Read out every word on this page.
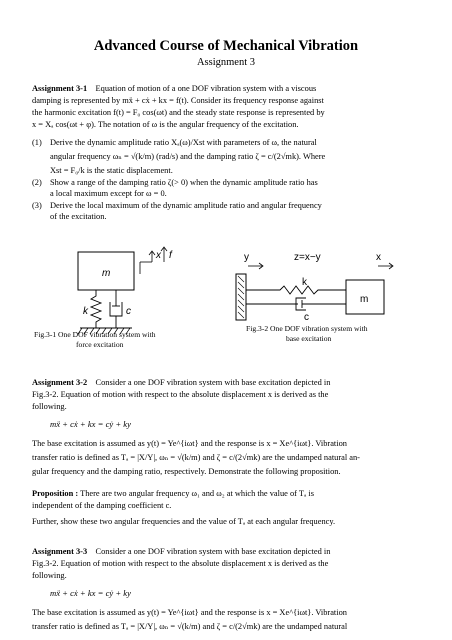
Advanced Course of Mechanical Vibration
Assignment 3
Assignment 3-1 Equation of motion of a one DOF vibration system with a viscous
damping is represented by mẍ + cẋ + kx = f(t). Consider its frequency response against
the harmonic excitation f(t) = F₀ cos(ωt) and the steady state response is represented by
x = Xₐ cos(ωt + φ). The notation of ω is the angular frequency of the excitation.
(1) Derive the dynamic amplitude ratio Xₐ(ω)/Xst with parameters of ω, the natural
angular frequency ωₙ = √(k/m) (rad/s) and the damping ratio ζ = c/(2√mk). Where
Xst = F₀/k is the static displacement.
(2) Show a range of the damping ratio ζ(> 0) when the dynamic amplitude ratio has
a local maximum except for ω = 0.
(3) Derive the local maximum of the dynamic amplitude ratio and angular frequency
of the excitation.
m
x f
k	c
Fig.3-1 One DOF vibration system with
force excitation
y	z=x−y	x
k
c
m
Fig.3-2 One DOF vibration system with
base excitation
Assignment 3-2 Consider a one DOF vibration system with base excitation depicted in
Fig.3-2. Equation of motion with respect to the absolute displacement x is derived as the
following.
mẍ + cẋ + kx = cẏ + ky
The base excitation is assumed as y(t) = Ye^{iωt} and the response is x = Xe^{iωt}. Vibration
transfer ratio is defined as Tₐ = |X/Y|, ωₙ = √(k/m) and ζ = c/(2√mk) are the undamped natural an-
gular frequency and the damping ratio, respectively. Demonstrate the following proposition.
Proposition : There are two angular frequency ω₁ and ω₂ at which the value of Tₐ is
independent of the damping coefficient c.
Further, show these two angular frequencies and the value of Tₐ at each angular frequency.
Assignment 3-3 Consider a one DOF vibration system with base excitation depicted in
Fig.3-2. Equation of motion with respect to the absolute displacement x is derived as the
following.
mẍ + cẋ + kx = cẏ + ky
The base excitation is assumed as y(t) = Ye^{iωt} and the response is x = Xe^{iωt}. Vibration
transfer ratio is defined as Tₐ = |X/Y|, ωₙ = √(k/m) and ζ = c/(2√mk) are the undamped natural
